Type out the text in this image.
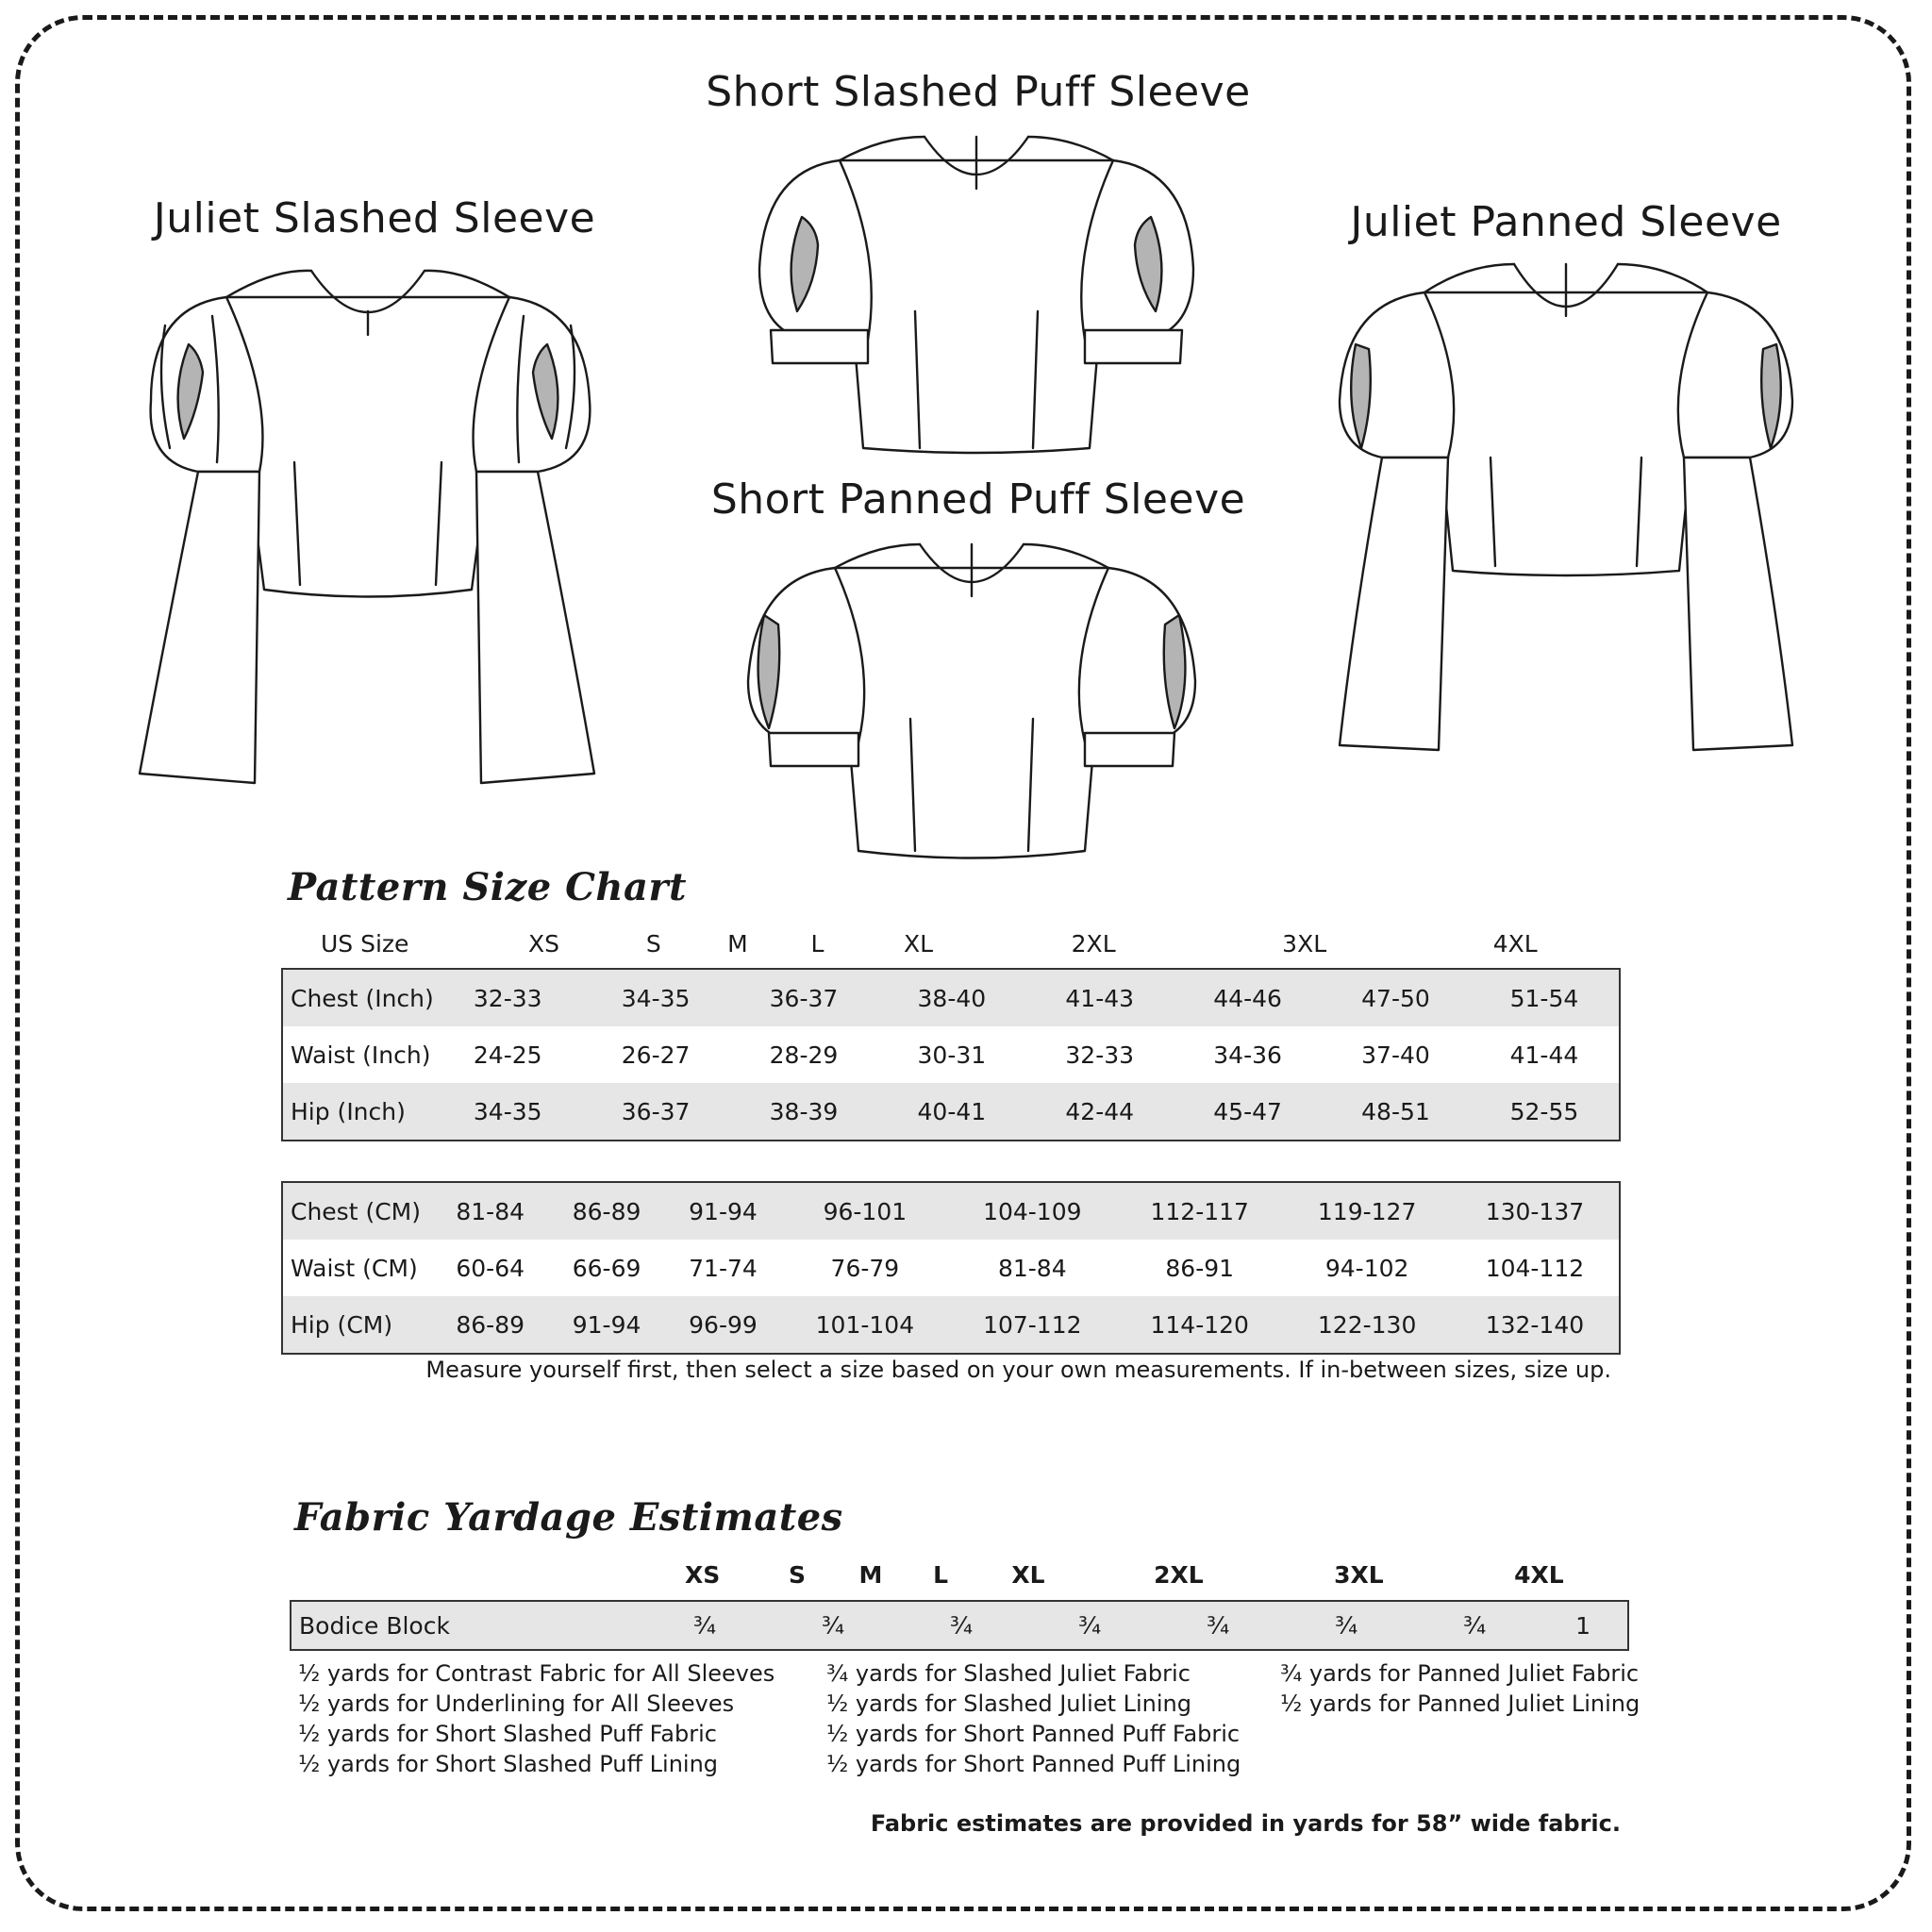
Short Slashed Puff Sleeve
Juliet Slashed Sleeve	Juliet Panned Sleeve
Short Panned Puff Sleeve
Pattern Size Chart
US Size	XS	S	M	L	XL	2XL	3XL	4XL
Chest (Inch)	32-33	34-35	36-37	38-40	41-43	44-46	47-50	51-54
Waist (Inch)	24-25	26-27	28-29	30-31	32-33	34-36	37-40	41-44
Hip (Inch)	34-35	36-37	38-39	40-41	42-44	45-47	48-51	52-55
Chest (CM)	81-84	86-89	91-94	96-101	104-109	112-117	119-127	130-137
Waist (CM)	60-64	66-69	71-74	76-79	81-84	86-91	94-102	104-112
Hip (CM)	86-89	91-94	96-99	101-104	107-112	114-120	122-130	132-140
Measure yourself first, then select a size based on your own measurements. If in-between sizes, size up.
Fabric Yardage Estimates
	XS	S	M	L	XL	2XL	3XL	4XL
Bodice Block	¾	¾	¾	¾	¾	¾	¾	1
½ yards for Contrast Fabric for All Sleeves
½ yards for Underlining for All Sleeves
½ yards for Short Slashed Puff Fabric
½ yards for Short Slashed Puff Lining
¾ yards for Slashed Juliet Fabric
½ yards for Slashed Juliet Lining
½ yards for Short Panned Puff Fabric
½ yards for Short Panned Puff Lining
¾ yards for Panned Juliet Fabric
½ yards for Panned Juliet Lining
Fabric estimates are provided in yards for 58” wide fabric.
